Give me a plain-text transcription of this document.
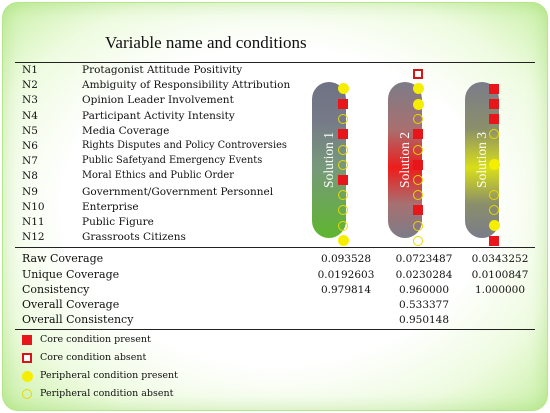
Variable name and conditions
N1	Protagonist Attitude Positivity
N2	Ambiguity of Responsibility Attribution
N3	Opinion Leader Involvement
N4	Participant Activity Intensity
N5	Media Coverage
N6	Rights Disputes and Policy Controversies
N7	Public Safetyand Emergency Events
N8	Moral Ethics and Public Order
N9	Government/Government Personnel
N10	Enterprise
N11	Public Figure
N12	Grassroots Citizens
Solution 1	Solution 2	Solution 3
Raw Coverage	0.093528	0.0723487	0.0343252
Unique Coverage	0.0192603	0.0230284	0.0100847
Consistency	0.979814	0.960000	1.000000
Overall Coverage	0.533377
Overall Consistency	0.950148
Core condition present
Core condition absent
Peripheral condition present
Peripheral condition absent
